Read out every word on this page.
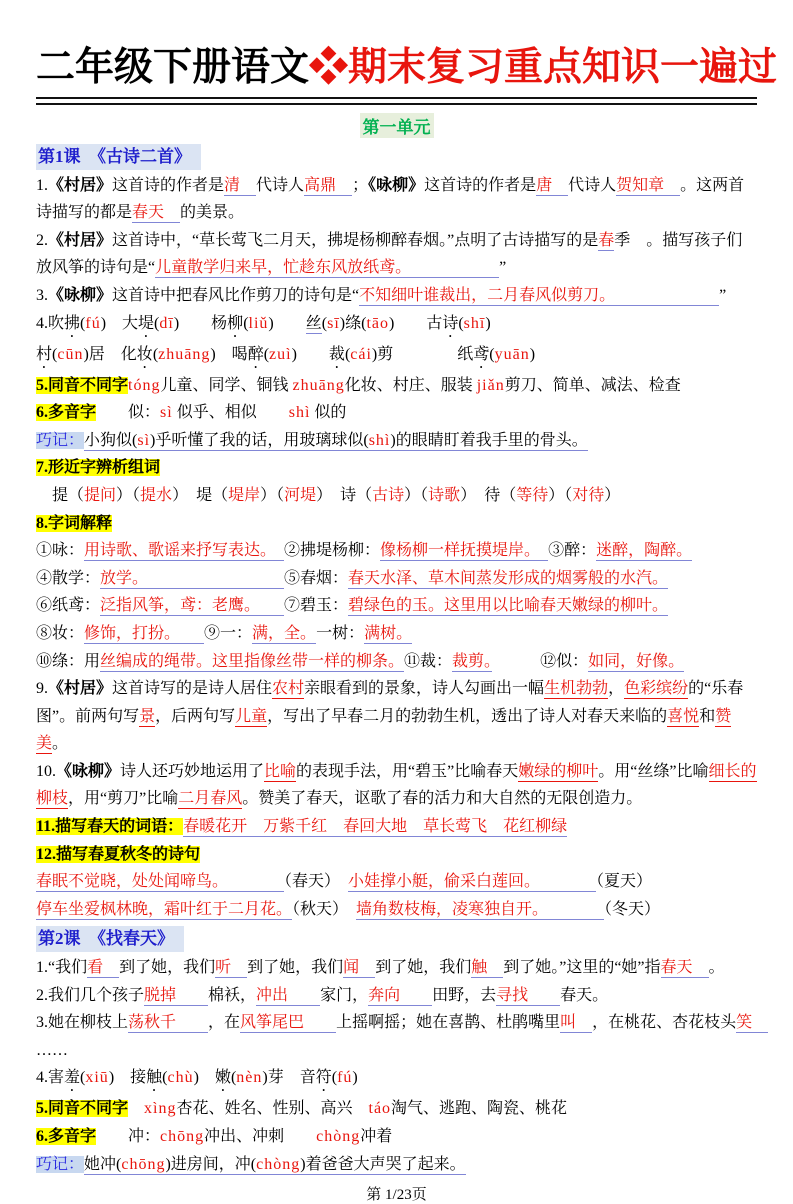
二年级下册语文❖期末复习重点知识一遍过
第一单元

第1课　《古诗二首》

1.《村居》这首诗的作者是清　代诗人高鼎　；《咏柳》这首诗的作者是唐　代诗人贺知章　。这两首诗描写的都是春天　的美景。

2.《村居》这首诗中，“草长莺飞二月天，拂堤杨柳醉春烟。”点明了古诗描写的是春季　。描写孩子们放风筝的诗句是“儿童散学归来早，忙趁东风放纸鸢。　　　　　　”

3.《咏柳》这首诗中把春风比作剪刀的诗句是“不知细叶谁裁出，二月春风似剪刀。　　　　　　　”

4.吹拂(fú)　大堤(dī)　　杨柳(liǔ)　　丝(sī)绦(tāo)　　古诗(shī)

村(cūn)居　化妆(zhuāng)　喝醉(zuì)　　裁(cái)剪　　　　纸鸢(yuān)

5.同音不同字tóng儿童、同学、铜钱 zhuāng化妆、村庄、服装 jiǎn剪刀、简单、减法、检查

6.多音字　　似：sì 似乎、相似　　shì 似的

巧记：小狗似(sì)乎听懂了我的话，用玻璃球似(shì)的眼睛盯着我手里的骨头。

7.形近字辨析组词

　提（提问）（提水）　堤（堤岸）（河堤）　诗（古诗）（诗歌）　待（等待）（对待）

8.字词解释

①咏：用诗歌、歌谣来抒写表达。　②拂堤杨柳：像杨柳一样抚摸堤岸。　③醉：迷醉，陶醉。

④散学：放学。　　　　　　　　　⑤春烟：春天水泽、草木间蒸发形成的烟雾般的水汽。

⑥纸鸢：泛指风筝，鸢：老鹰。　　⑦碧玉：碧绿色的玉。这里用以比喻春天嫩绿的柳叶。

⑧妆：修饰，打扮。　　⑨一：满，全。一树：满树。

⑩绦：用丝编成的绳带。这里指像丝带一样的柳条。⑪裁：裁剪。　　　⑫似：如同，好像。

9.《村居》这首诗写的是诗人居住农村亲眼看到的景象，诗人勾画出一幅生机勃勃，色彩缤纷的“乐春图”。前两句写景，后两句写儿童，写出了早春二月的勃勃生机，透出了诗人对春天来临的喜悦和赞美。

10.《咏柳》诗人还巧妙地运用了比喻的表现手法，用“碧玉”比喻春天嫩绿的柳叶。用“丝绦”比喻细长的柳枝，用“剪刀”比喻二月春风。赞美了春天，讴歌了春的活力和大自然的无限创造力。

11.描写春天的词语：春暖花开　万紫千红　春回大地　草长莺飞　花红柳绿

12.描写春夏秋冬的诗句

春眠不觉晓，处处闻啼鸟。　　　　（春天）　小娃撑小艇，偷采白莲回。　　　　（夏天）

停车坐爱枫林晚，霜叶红于二月花。（秋天）　墙角数枝梅，凌寒独自开。　　　　（冬天）

第2课　《找春天》

1.“我们看　到了她，我们听　到了她，我们闻　到了她，我们触　到了她。”这里的“她”指春天　。

2.我们几个孩子脱掉　　棉袄，冲出　　家门，奔向　　田野，去寻找　　春天。

3.她在柳枝上荡秋千　　，在风筝尾巴　　上摇啊摇；她在喜鹊、杜鹃嘴里叫　，在桃花、杏花枝头笑　……

4.害羞(xiū)　接触(chù)　嫩(nèn)芽　音符(fú)

5.同音不同字　 xìng杏花、姓名、性别、高兴　táo淘气、逃跑、陶瓷、桃花

6.多音字　　冲：chōng冲出、冲刺　　chòng冲着

巧记：她冲(chōng)进房间，冲(chòng)着爸爸大声哭了起来。

第 1/23页
